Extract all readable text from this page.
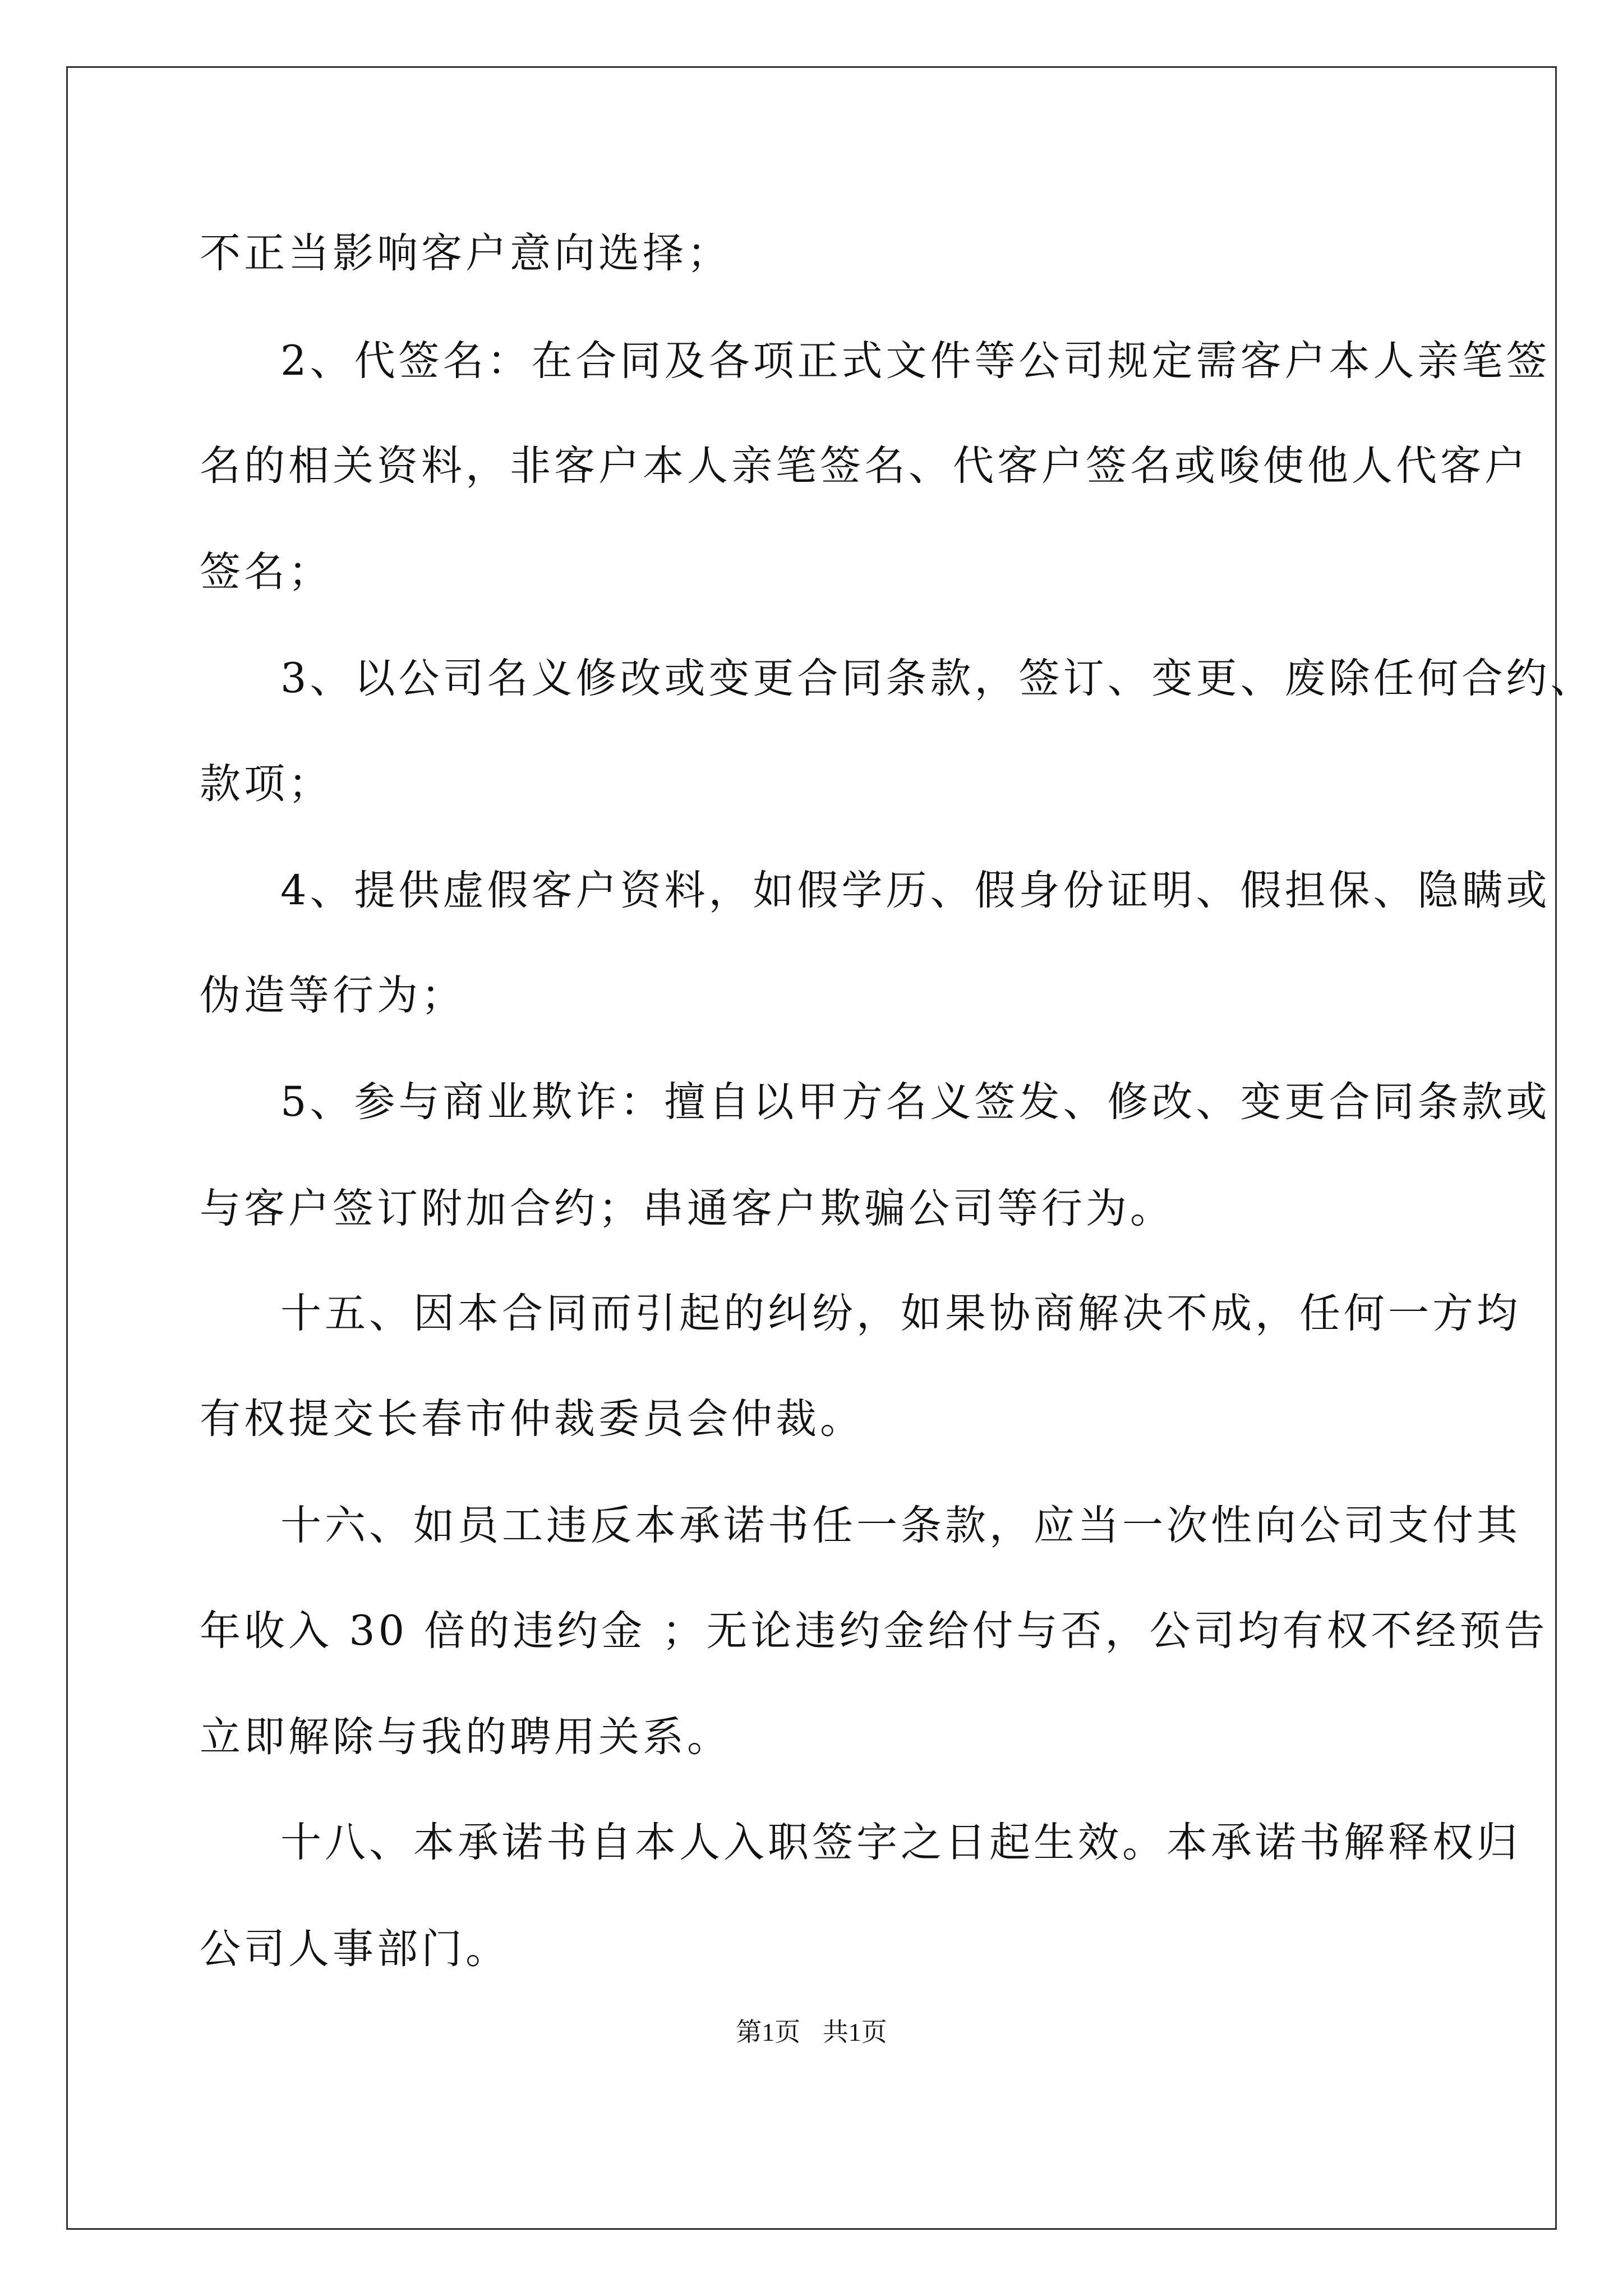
不正当影响客户意向选择；
2、代签名：在合同及各项正式文件等公司规定需客户本人亲笔签
名的相关资料，非客户本人亲笔签名、代客户签名或唆使他人代客户
签名；
3、以公司名义修改或变更合同条款，签订、变更、废除任何合约、
款项；
4、提供虚假客户资料，如假学历、假身份证明、假担保、隐瞒或
伪造等行为；
5、参与商业欺诈：擅自以甲方名义签发、修改、变更合同条款或
与客户签订附加合约；串通客户欺骗公司等行为。
十五、因本合同而引起的纠纷，如果协商解决不成，任何一方均
有权提交长春市仲裁委员会仲裁。
十六、如员工违反本承诺书任一条款，应当一次性向公司支付其
年收入 30 倍的违约金 ；无论违约金给付与否，公司均有权不经预告
立即解除与我的聘用关系。
十八、本承诺书自本人入职签字之日起生效。本承诺书解释权归
公司人事部门。
第1页 共1页
